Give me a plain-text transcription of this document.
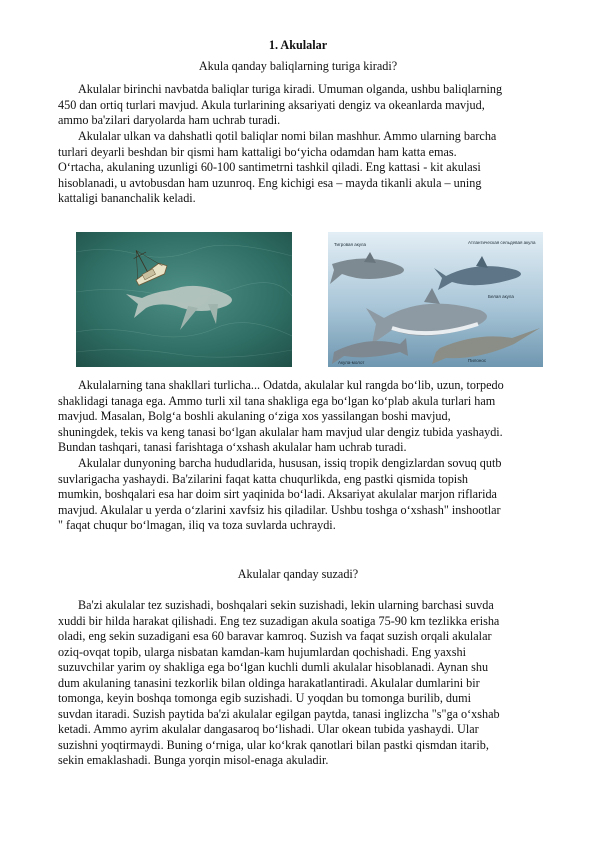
1. Akulalar
Akula qanday baliqlarning turiga kiradi?
Akulalar birinchi navbatda baliqlar turiga kiradi. Umuman olganda, ushbu baliqlarning
450 dan ortiq turlari mavjud. Akula turlarining aksariyati dengiz va okeanlarda mavjud,
ammo ba'zilari daryolarda ham uchrab turadi.
Akulalar ulkan va dahshatli qotil baliqlar nomi bilan mashhur. Ammo ularning barcha
turlari deyarli beshdan bir qismi ham kattaligi bo‘yicha odamdan ham katta emas.
O‘rtacha, akulaning uzunligi 60-100 santimetrni tashkil qiladi. Eng kattasi - kit akulasi
hisoblanadi, u avtobusdan ham uzunroq. Eng kichigi esa – mayda tikanli akula – uning
kattaligi bananchalik keladi.
Тигровая акула	Атлантическая сельдевая акула
Белая акула
Акула-молот	Пилонос
Akulalarning tana shakllari turlicha... Odatda, akulalar kul rangda bo‘lib, uzun, torpedo
shaklidagi tanaga ega. Ammo turli xil tana shakliga ega bo‘lgan ko‘plab akula turlari ham
mavjud. Masalan, Bolg‘a boshli akulaning o‘ziga xos yassilangan boshi mavjud,
shuningdek, tekis va keng tanasi bo‘lgan akulalar ham mavjud ular dengiz tubida yashaydi.
Bundan tashqari, tanasi farishtaga o‘xshash akulalar ham uchrab turadi.
Akulalar dunyoning barcha hududlarida, hususan, issiq tropik dengizlardan sovuq qutb
suvlarigacha yashaydi. Ba'zilarini faqat katta chuqurlikda, eng pastki qismida topish
mumkin, boshqalari esa har doim sirt yaqinida bo‘ladi. Aksariyat akulalar marjon riflarida
mavjud. Akulalar u yerda o‘zlarini xavfsiz his qiladilar. Ushbu toshga o‘xshash" inshootlar
" faqat chuqur bo‘lmagan, iliq va toza suvlarda uchraydi.
Akulalar qanday suzadi?
Ba'zi akulalar tez suzishadi, boshqalari sekin suzishadi, lekin ularning barchasi suvda
xuddi bir hilda harakat qilishadi. Eng tez suzadigan akula soatiga 75-90 km tezlikka erisha
oladi, eng sekin suzadigani esa 60 baravar kamroq. Suzish va faqat suzish orqali akulalar
oziq-ovqat topib, ularga nisbatan kamdan-kam hujumlardan qochishadi. Eng yaxshi
suzuvchilar yarim oy shakliga ega bo‘lgan kuchli dumli akulalar hisoblanadi. Aynan shu
dum akulaning tanasini tezkorlik bilan oldinga harakatlantiradi. Akulalar dumlarini bir
tomonga, keyin boshqa tomonga egib suzishadi. U yoqdan bu tomonga burilib, dumi
suvdan itaradi. Suzish paytida ba'zi akulalar egilgan paytda, tanasi inglizcha "s"ga o‘xshab
ketadi. Ammo ayrim akulalar dangasaroq bo‘lishadi. Ular okean tubida yashaydi. Ular
suzishni yoqtirmaydi. Buning o‘rniga, ular ko‘krak qanotlari bilan pastki qismdan itarib,
sekin emaklashadi. Bunga yorqin misol-enaga akuladir.
